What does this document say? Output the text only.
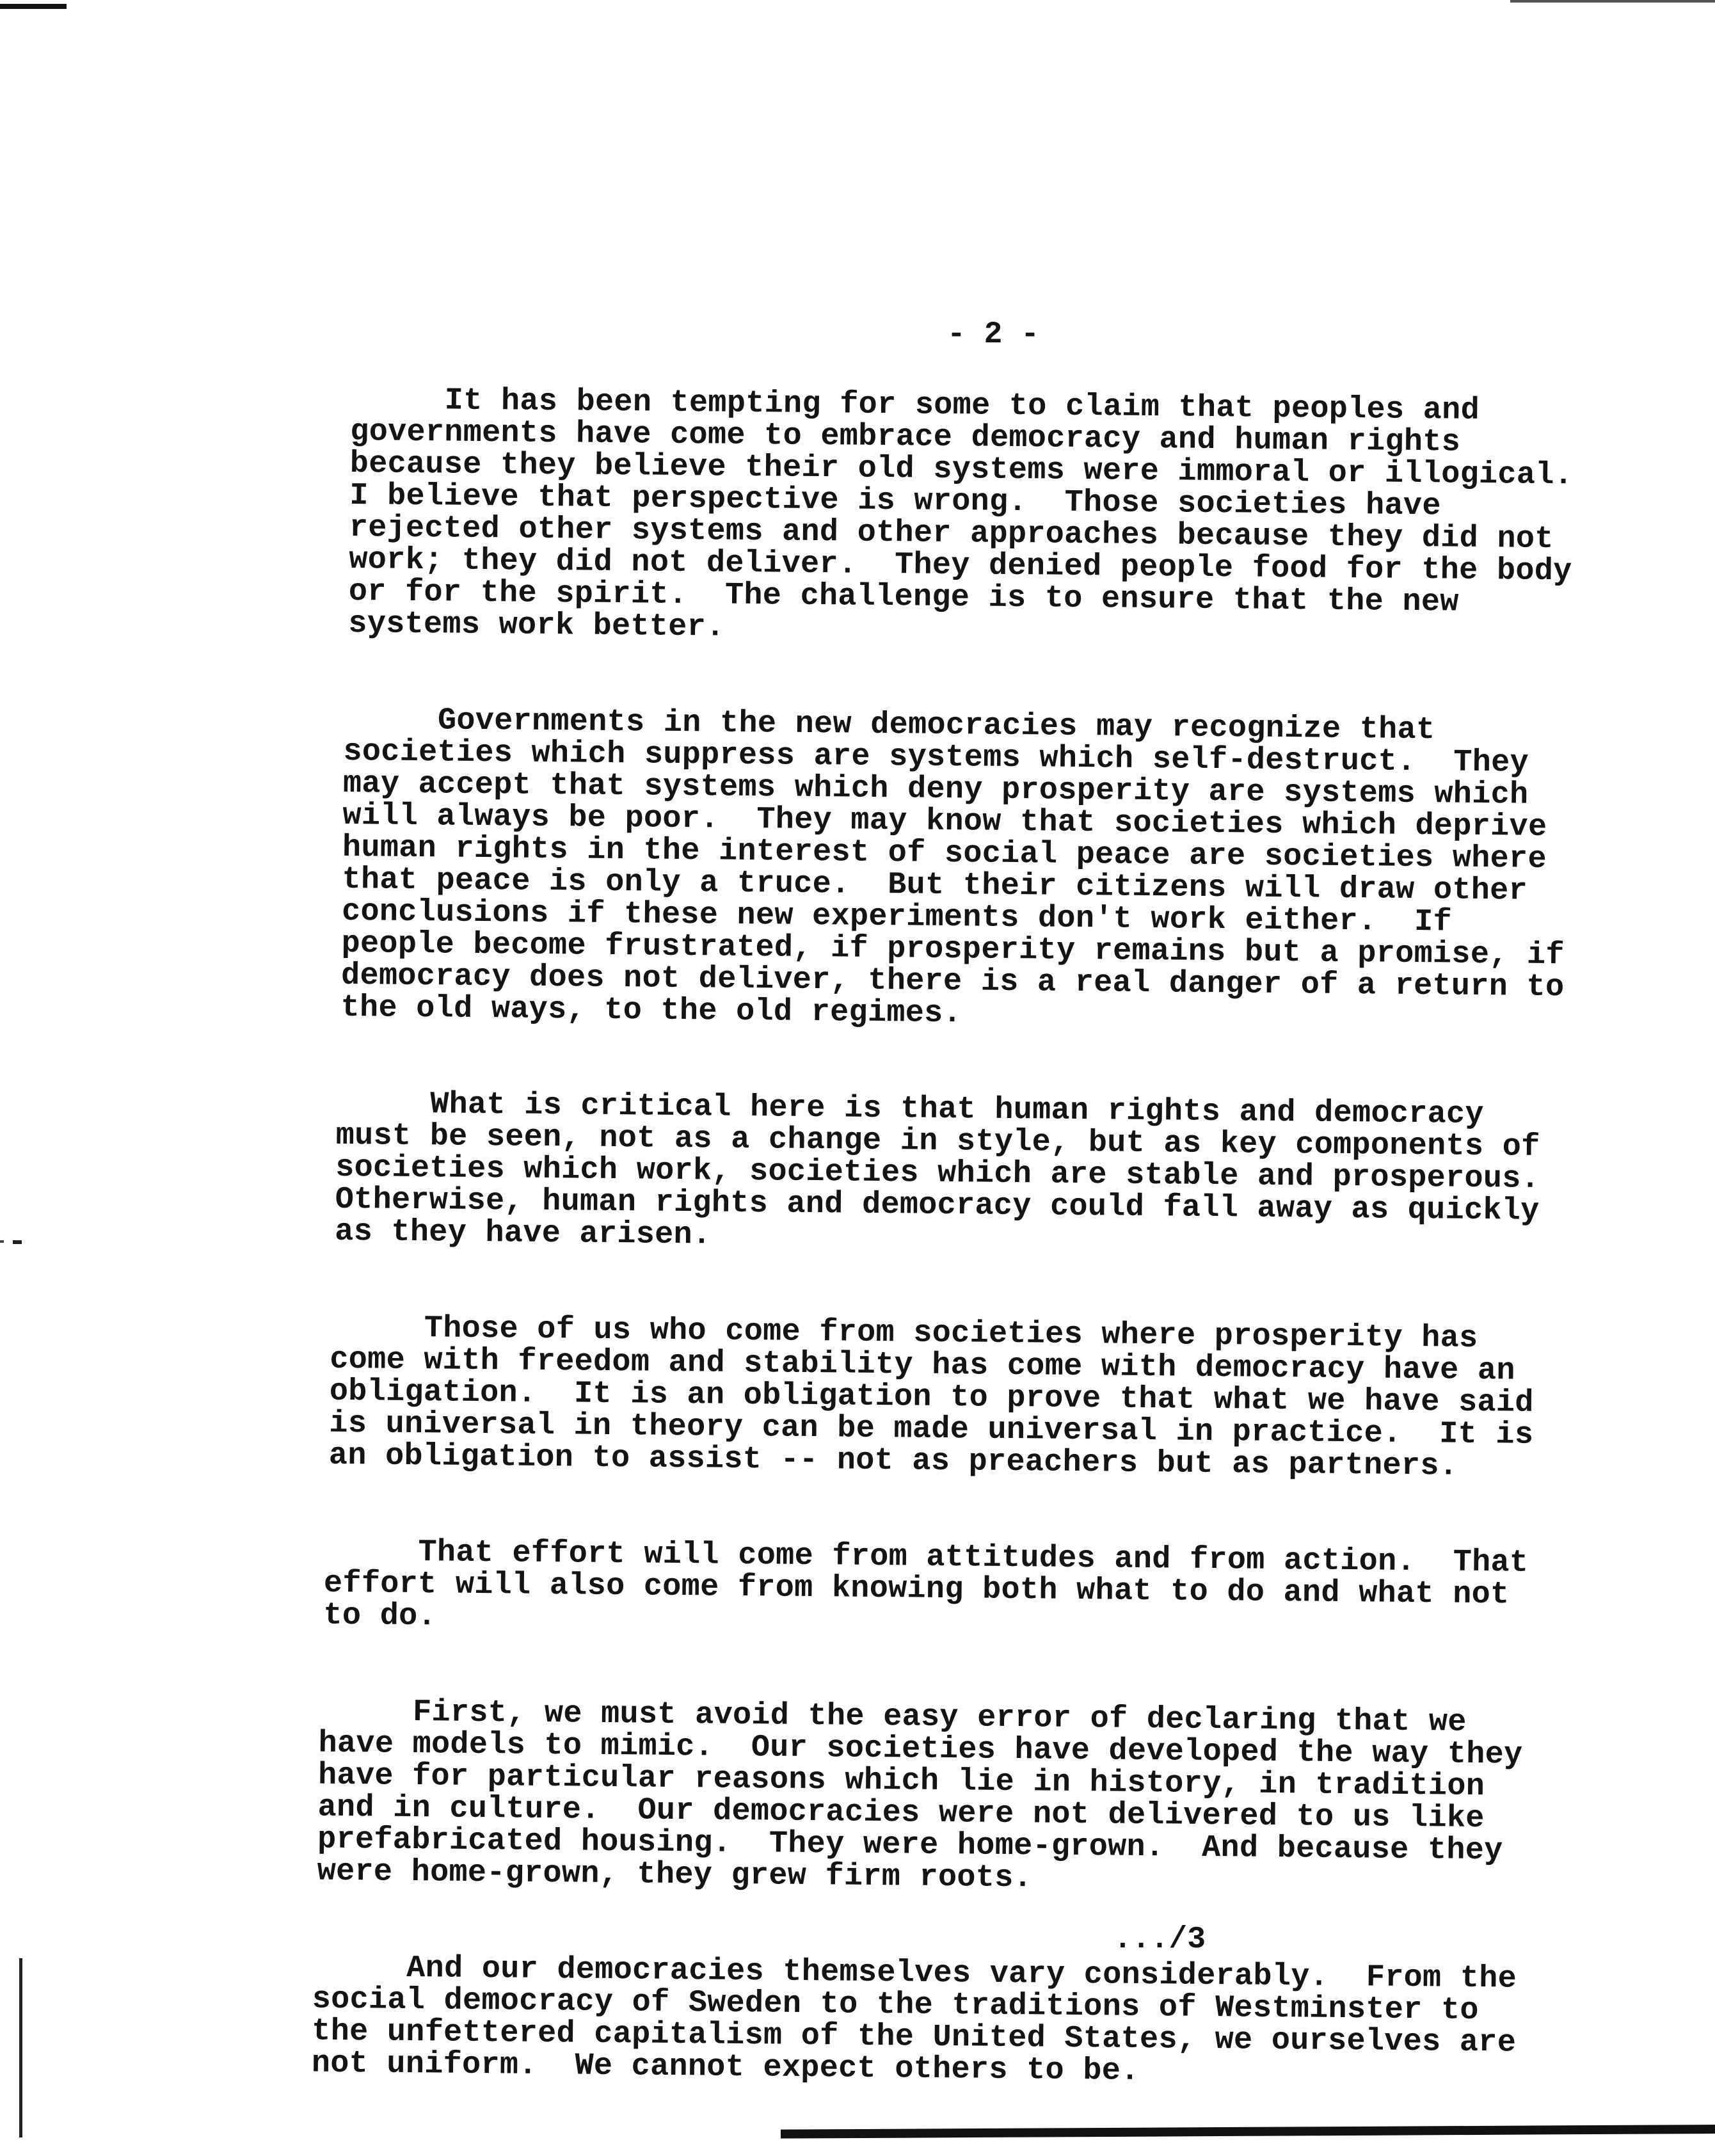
- 2 -

It has been tempting for some to claim that peoples and
governments have come to embrace democracy and human rights
because they believe their old systems were immoral or illogical.
I believe that perspective is wrong.  Those societies have
rejected other systems and other approaches because they did not
work; they did not deliver.  They denied people food for the body
or for the spirit.  The challenge is to ensure that the new
systems work better.

Governments in the new democracies may recognize that
societies which suppress are systems which self-destruct.  They
may accept that systems which deny prosperity are systems which
will always be poor.  They may know that societies which deprive
human rights in the interest of social peace are societies where
that peace is only a truce.  But their citizens will draw other
conclusions if these new experiments don't work either.  If
people become frustrated, if prosperity remains but a promise, if
democracy does not deliver, there is a real danger of a return to
the old ways, to the old regimes.

What is critical here is that human rights and democracy
must be seen, not as a change in style, but as key components of
societies which work, societies which are stable and prosperous.
Otherwise, human rights and democracy could fall away as quickly
as they have arisen.

Those of us who come from societies where prosperity has
come with freedom and stability has come with democracy have an
obligation.  It is an obligation to prove that what we have said
is universal in theory can be made universal in practice.  It is
an obligation to assist -- not as preachers but as partners.

That effort will come from attitudes and from action.  That
effort will also come from knowing both what to do and what not
to do.

First, we must avoid the easy error of declaring that we
have models to mimic.  Our societies have developed the way they
have for particular reasons which lie in history, in tradition
and in culture.  Our democracies were not delivered to us like
prefabricated housing.  They were home-grown.  And because they
were home-grown, they grew firm roots.

And our democracies themselves vary considerably.  From the
social democracy of Sweden to the traditions of Westminster to
the unfettered capitalism of the United States, we ourselves are
not uniform.  We cannot expect others to be.

.../3
